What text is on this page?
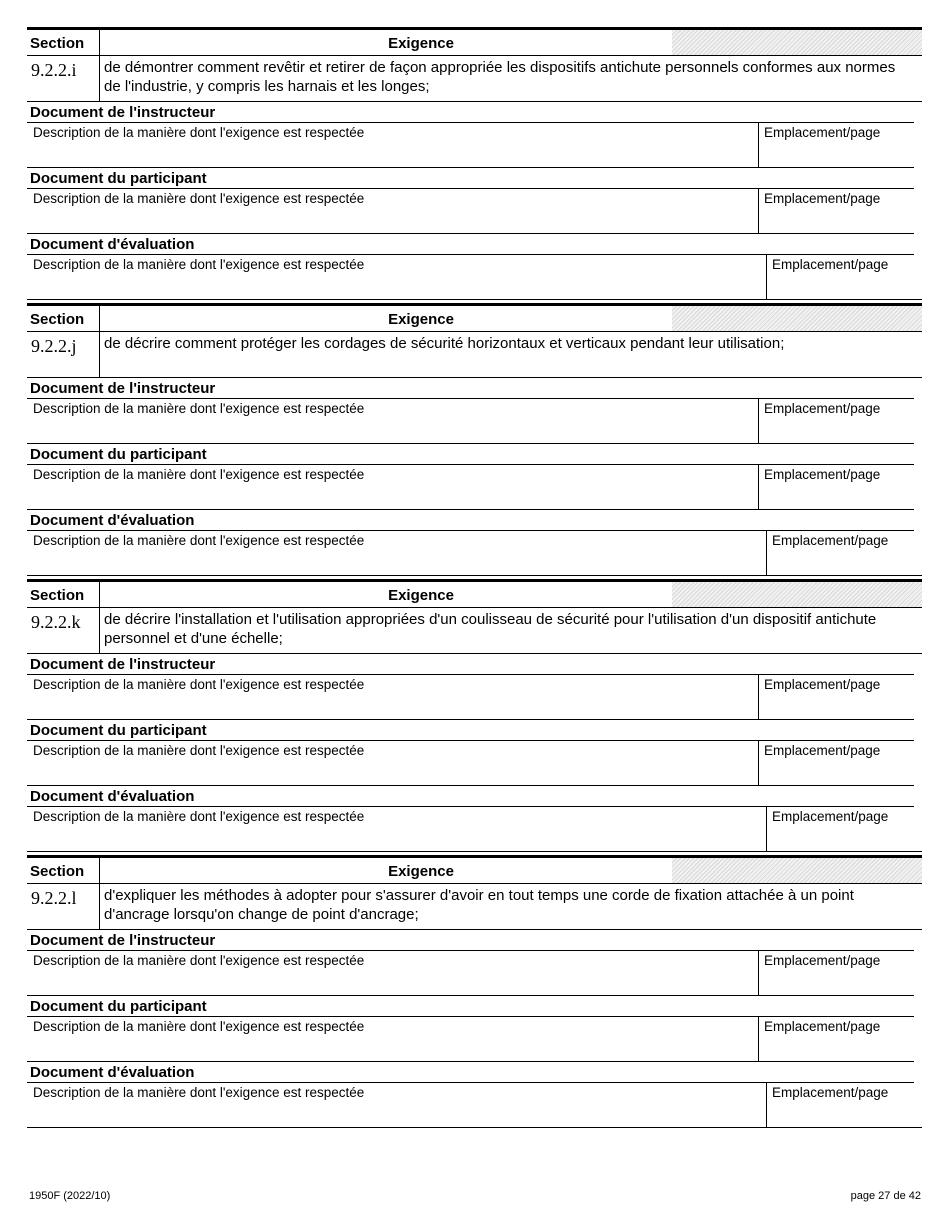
Section	Exigence
9.2.2.i	de démontrer comment revêtir et retirer de façon appropriée les dispositifs antichute personnels conformes aux normes de l'industrie, y compris les harnais et les longes;
Document de l'instructeur
Description de la manière dont l'exigence est respectée	Emplacement/page
Document du participant
Description de la manière dont l'exigence est respectée	Emplacement/page
Document d'évaluation
Description de la manière dont l'exigence est respectée	Emplacement/page
Section	Exigence
9.2.2.j	de décrire comment protéger les cordages de sécurité horizontaux et verticaux pendant leur utilisation;
Document de l'instructeur
Description de la manière dont l'exigence est respectée	Emplacement/page
Document du participant
Description de la manière dont l'exigence est respectée	Emplacement/page
Document d'évaluation
Description de la manière dont l'exigence est respectée	Emplacement/page
Section	Exigence
9.2.2.k	de décrire l'installation et l'utilisation appropriées d'un coulisseau de sécurité pour l'utilisation d'un dispositif antichute personnel et d'une échelle;
Document de l'instructeur
Description de la manière dont l'exigence est respectée	Emplacement/page
Document du participant
Description de la manière dont l'exigence est respectée	Emplacement/page
Document d'évaluation
Description de la manière dont l'exigence est respectée	Emplacement/page
Section	Exigence
9.2.2.l	d'expliquer les méthodes à adopter pour s'assurer d'avoir en tout temps une corde de fixation attachée à un point d'ancrage lorsqu'on change de point d'ancrage;
Document de l'instructeur
Description de la manière dont l'exigence est respectée	Emplacement/page
Document du participant
Description de la manière dont l'exigence est respectée	Emplacement/page
Document d'évaluation
Description de la manière dont l'exigence est respectée	Emplacement/page
1950F (2022/10)	page 27 de 42
